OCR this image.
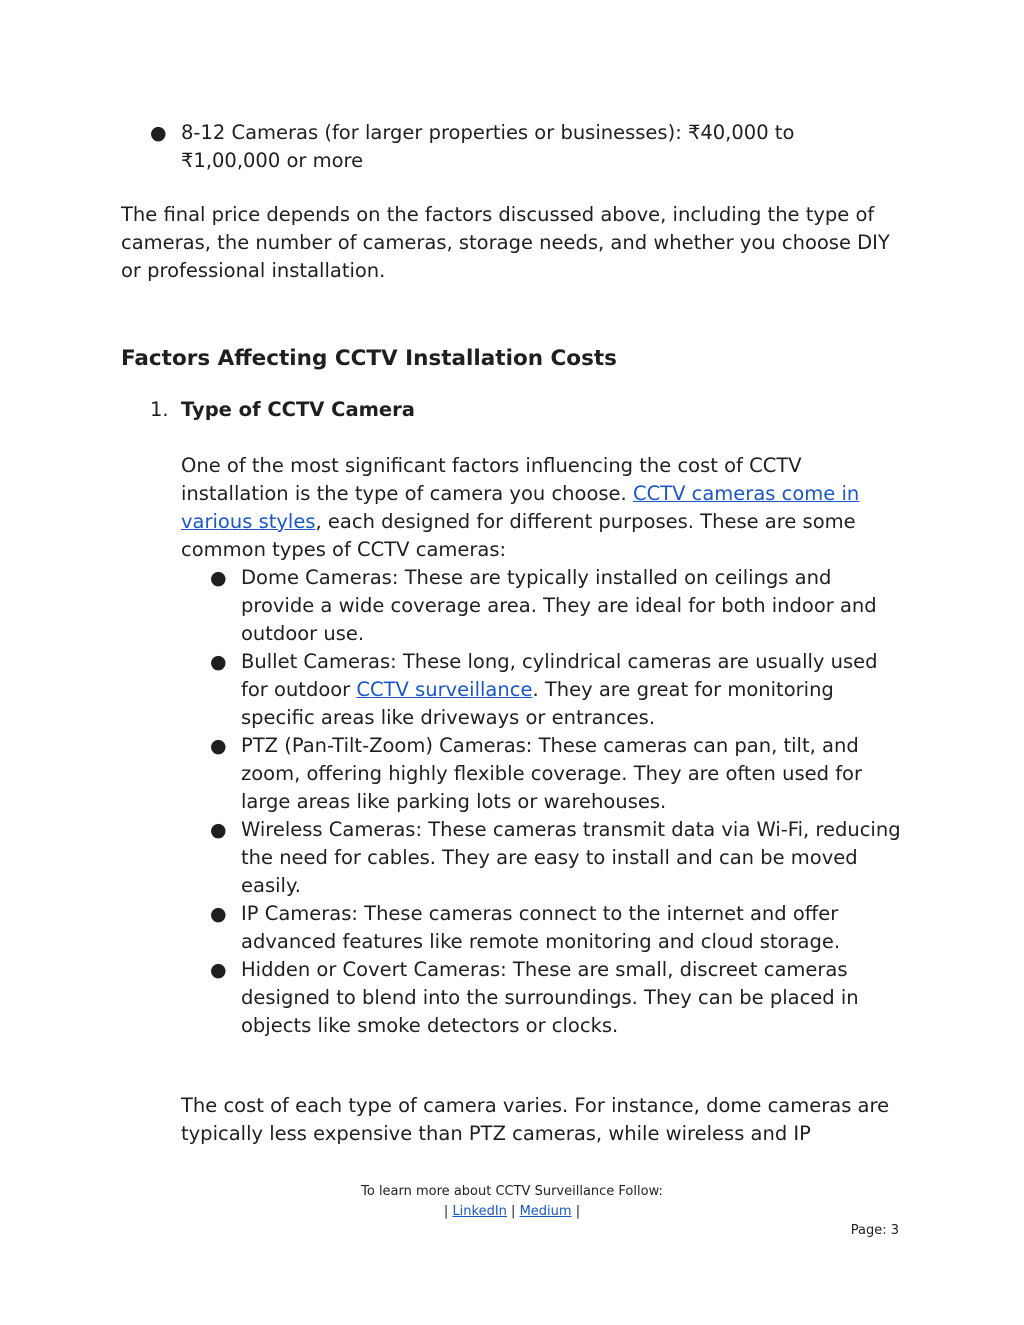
● 8-12 Cameras (for larger properties or businesses): ₹40,000 to ₹1,00,000 or more

The final price depends on the factors discussed above, including the type of cameras, the number of cameras, storage needs, and whether you choose DIY or professional installation.

Factors Affecting CCTV Installation Costs
1. Type of CCTV Camera

One of the most significant factors influencing the cost of CCTV installation is the type of camera you choose. CCTV cameras come in various styles, each designed for different purposes. These are some common types of CCTV cameras:

● Dome Cameras: These are typically installed on ceilings and provide a wide coverage area. They are ideal for both indoor and outdoor use.
● Bullet Cameras: These long, cylindrical cameras are usually used for outdoor CCTV surveillance. They are great for monitoring specific areas like driveways or entrances.
● PTZ (Pan-Tilt-Zoom) Cameras: These cameras can pan, tilt, and zoom, offering highly flexible coverage. They are often used for large areas like parking lots or warehouses.
● Wireless Cameras: These cameras transmit data via Wi-Fi, reducing the need for cables. They are easy to install and can be moved easily.
● IP Cameras: These cameras connect to the internet and offer advanced features like remote monitoring and cloud storage.
● Hidden or Covert Cameras: These are small, discreet cameras designed to blend into the surroundings. They can be placed in objects like smoke detectors or clocks.

The cost of each type of camera varies. For instance, dome cameras are typically less expensive than PTZ cameras, while wireless and IP

To learn more about CCTV Surveillance Follow:
| LinkedIn | Medium |
Page: 3
